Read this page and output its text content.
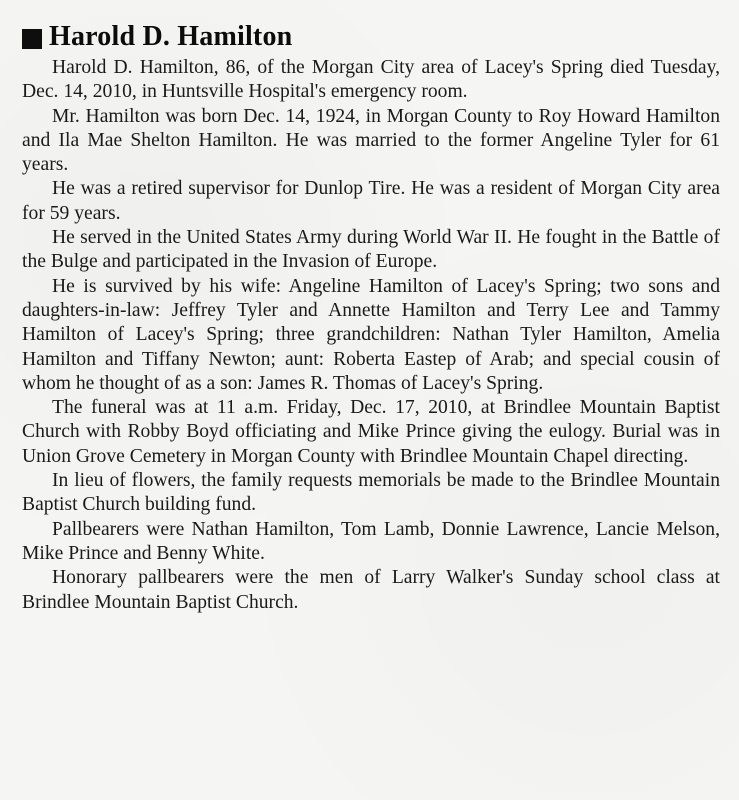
Harold D. Hamilton

Harold D. Hamilton, 86, of the Morgan City area of Lacey's Spring died Tuesday, Dec. 14, 2010, in Huntsville Hospital's emergency room.

Mr. Hamilton was born Dec. 14, 1924, in Morgan County to Roy Howard Hamilton and Ila Mae Shelton Hamilton. He was married to the former Angeline Tyler for 61 years.

He was a retired supervisor for Dunlop Tire. He was a resident of Morgan City area for 59 years.

He served in the United States Army during World War II. He fought in the Battle of the Bulge and participated in the Invasion of Europe.

He is survived by his wife: Angeline Hamilton of Lacey's Spring; two sons and daughters-in-law: Jeffrey Tyler and Annette Hamilton and Terry Lee and Tammy Hamilton of Lacey's Spring; three grandchildren: Nathan Tyler Hamilton, Amelia Hamilton and Tiffany Newton; aunt: Roberta Eastep of Arab; and special cousin of whom he thought of as a son: James R. Thomas of Lacey's Spring.

The funeral was at 11 a.m. Friday, Dec. 17, 2010, at Brindlee Mountain Baptist Church with Robby Boyd officiating and Mike Prince giving the eulogy. Burial was in Union Grove Cemetery in Morgan County with Brindlee Mountain Chapel directing.

In lieu of flowers, the family requests memorials be made to the Brindlee Mountain Baptist Church building fund.

Pallbearers were Nathan Hamilton, Tom Lamb, Donnie Lawrence, Lancie Melson, Mike Prince and Benny White.

Honorary pallbearers were the men of Larry Walker's Sunday school class at Brindlee Mountain Baptist Church.
